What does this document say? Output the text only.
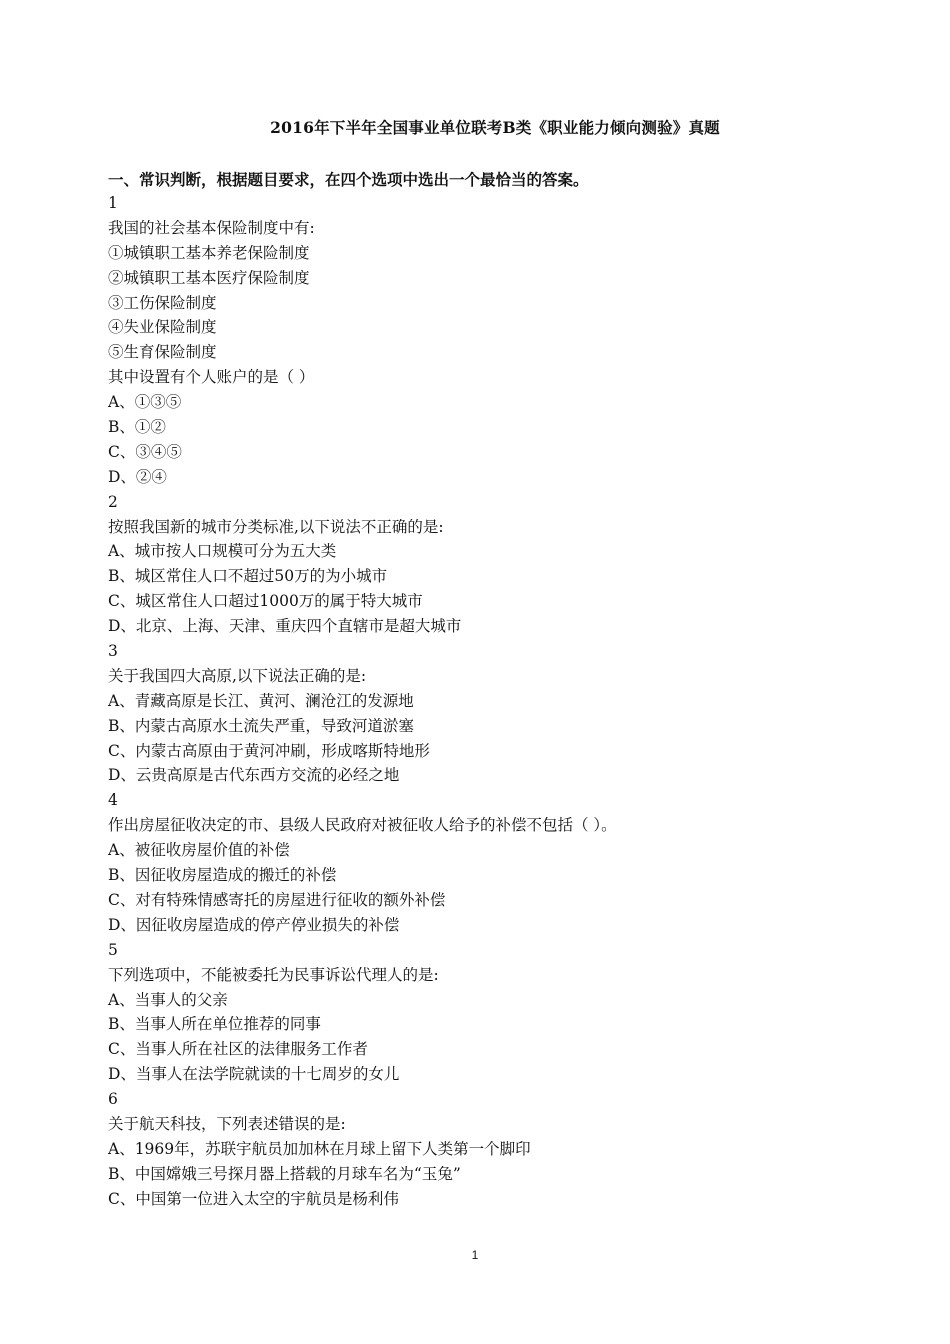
2016年下半年全国事业单位联考B类《职业能力倾向测验》真题
一、常识判断，根据题目要求，在四个选项中选出一个最恰当的答案。
1
我国的社会基本保险制度中有:
①城镇职工基本养老保险制度
②城镇职工基本医疗保险制度
③工伤保险制度
④失业保险制度
⑤生育保险制度
其中设置有个人账户的是（ ）
A、①③⑤
B、①②
C、③④⑤
D、②④
2
按照我国新的城市分类标准,以下说法不正确的是:
A、城市按人口规模可分为五大类
B、城区常住人口不超过50万的为小城市
C、城区常住人口超过1000万的属于特大城市
D、北京、上海、天津、重庆四个直辖市是超大城市
3
关于我国四大高原,以下说法正确的是:
A、青藏高原是长江、黄河、澜沧江的发源地
B、内蒙古高原水土流失严重，导致河道淤塞
C、内蒙古高原由于黄河冲刷，形成喀斯特地形
D、云贵高原是古代东西方交流的必经之地
4
作出房屋征收决定的市、县级人民政府对被征收人给予的补偿不包括（ ）。
A、被征收房屋价值的补偿
B、因征收房屋造成的搬迁的补偿
C、对有特殊情感寄托的房屋进行征收的额外补偿
D、因征收房屋造成的停产停业损失的补偿
5
下列选项中，不能被委托为民事诉讼代理人的是:
A、当事人的父亲
B、当事人所在单位推荐的同事
C、当事人所在社区的法律服务工作者
D、当事人在法学院就读的十七周岁的女儿
6
关于航天科技，下列表述错误的是:
A、1969年，苏联宇航员加加林在月球上留下人类第一个脚印
B、中国嫦娥三号探月器上搭载的月球车名为“玉兔”
C、中国第一位进入太空的宇航员是杨利伟
1
